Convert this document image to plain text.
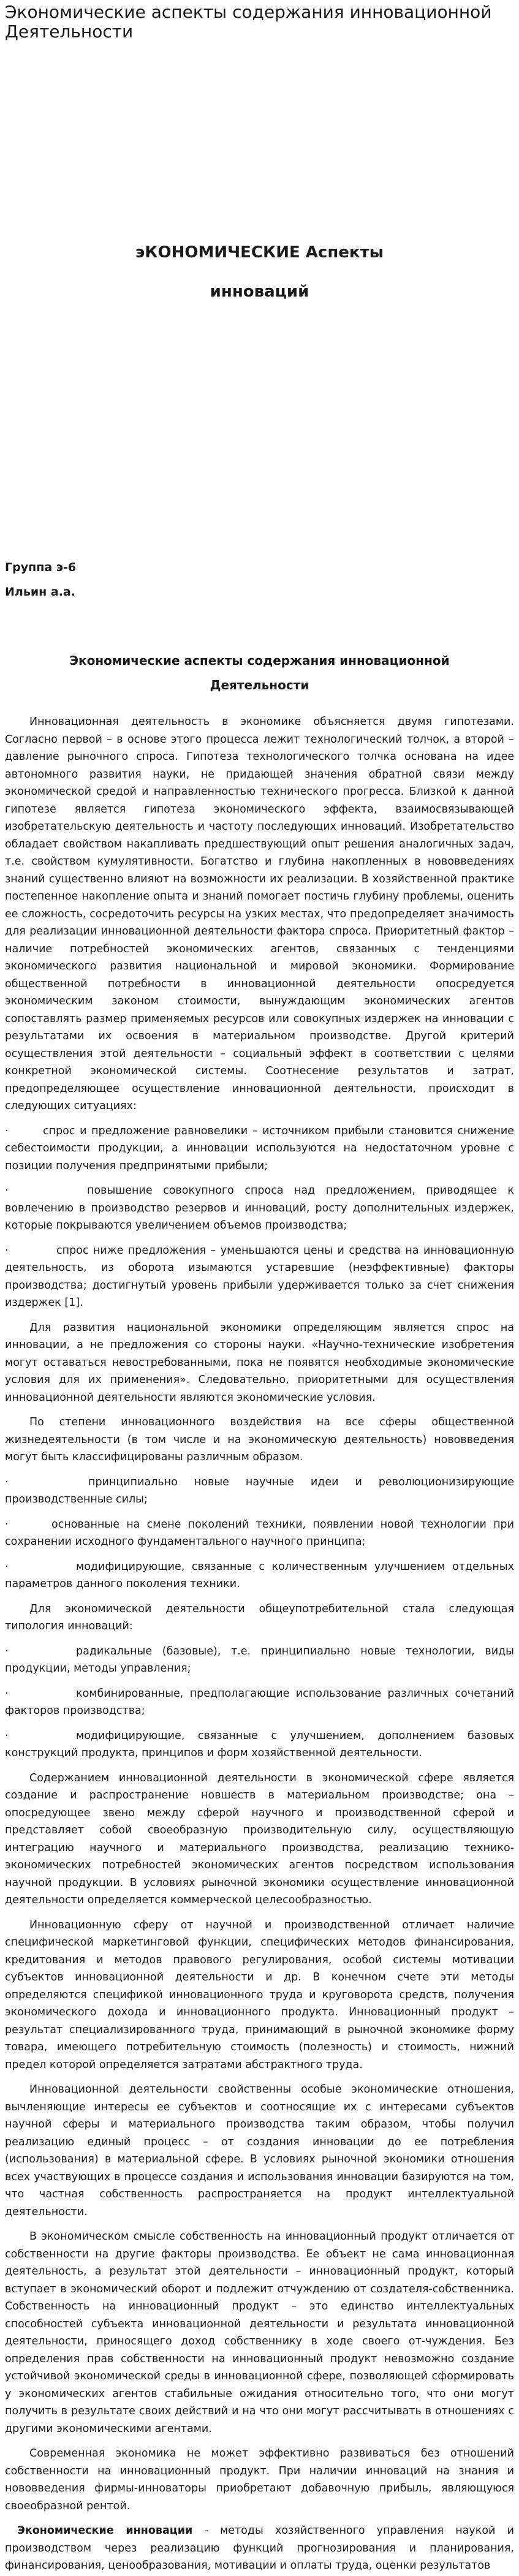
Экономические аспекты содержания инновационной Деятельности
эКОНОМИЧЕСКИЕ Аспекты
инноваций
Группа э-6
Ильин а.а.
Экономические аспекты содержания инновационной
Деятельности

Инновационная деятельность в экономике объясняется двумя гипотезами. Согласно первой – в основе этого процесса лежит технологический толчок, а второй – давление рыночного спроса. Гипотеза технологического толчка основана на идее автономного развития науки, не придающей значения обратной связи между экономической средой и направленностью технического прогресса. Близкой к данной гипотезе является гипотеза экономического эффекта, взаимосвязывающей изобретательскую деятельность и частоту последующих инноваций. Изобретательство обладает свойством накапливать предшествующий опыт решения аналогичных задач, т.е. свойством кумулятивности. Богатство и глубина накопленных в нововведениях знаний существенно влияют на возможности их реализации. В хозяйственной практике постепенное накопление опыта и знаний помогает постичь глубину проблемы, оценить ее сложность, сосредоточить ресурсы на узких местах, что предопределяет значимость для реализации инновационной деятельности фактора спроса. Приоритетный фактор – наличие потребностей экономических агентов, связанных с тенденциями экономического развития национальной и мировой экономики. Формирование общественной потребности в инновационной деятельности опосредуется экономическим законом стоимости, вынуждающим экономических агентов сопоставлять размер применяемых ресурсов или совокупных издержек на инновации с результатами их освоения в материальном производстве. Другой критерий осуществления этой деятельности – социальный эффект в соответствии с целями конкретной экономической системы. Соотнесение результатов и затрат, предопределяющее осуществление инновационной деятельности, происходит в следующих ситуациях:

·	спрос и предложение равновелики – источником прибыли становится снижение себестоимости продукции, а инновации используются на недостаточном уровне с позиции получения предпринятыми прибыли;

·	повышение совокупного спроса над предложением, приводящее к вовлечению в производство резервов и инноваций, росту дополнительных издержек, которые покрываются увеличением объемов производства;

·	спрос ниже предложения – уменьшаются цены и средства на инновационную деятельность, из оборота изымаются устаревшие (неэффективные) факторы производства; достигнутый уровень прибыли удерживается только за счет снижения издержек [1].

Для развития национальной экономики определяющим является спрос на инновации, а не предложения со стороны науки. «Научно-технические изобретения могут оставаться невостребованными, пока не появятся необходимые экономические условия для их применения». Следовательно, приоритетными для осуществления инновационной деятельности являются экономические условия.

По степени инновационного воздействия на все сферы общественной жизнедеятельности (в том числе и на экономическую деятельность) нововведения могут быть классифицированы различным образом.

·	принципиально новые научные идеи и революционизирующие производственные силы;

·	основанные на смене поколений техники, появлении новой технологии при сохранении исходного фундаментального научного принципа;

·	модифицирующие, связанные с количественным улучшением отдельных параметров данного поколения техники.

Для экономической деятельности общеупотребительной стала следующая типология инноваций:

·	радикальные (базовые), т.е. принципиально новые технологии, виды продукции, методы управления;

·	комбинированные, предполагающие использование различных сочетаний факторов производства;

·	модифицирующие, связанные с улучшением, дополнением базовых конструкций продукта, принципов и форм хозяйственной деятельности.

Содержанием инновационной деятельности в экономической сфере является создание и распространение новшеств в материальном производстве; она – опосредующее звено между сферой научного и производственной сферой и представляет собой своеобразную производительную силу, осуществляющую интеграцию научного и материального производства, реализацию технико-экономических потребностей экономических агентов посредством использования научной продукции. В условиях рыночной экономики осуществление инновационной деятельности определяется коммерческой целесообразностью.

Инновационную сферу от научной и производственной отличает наличие специфической маркетинговой функции, специфических методов финансирования, кредитования и методов правового регулирования, особой системы мотивации субъектов инновационной деятельности и др. В конечном счете эти методы определяются спецификой инновационного труда и круговорота средств, получения экономического дохода и инновационного продукта. Инновационный продукт – результат специализированного труда, принимающий в рыночной экономике форму товара, имеющего потребительную стоимость (полезность) и стоимость, нижний предел которой определяется затратами абстрактного труда.

Инновационной деятельности свойственны особые экономические отношения, вычленяющие интересы ее субъектов и соотносящие их с интересами субъектов научной сферы и материального производства таким образом, чтобы получил реализацию единый процесс – от создания инновации до ее потребления (использования) в материальной сфере. В условиях рыночной экономики отношения всех участвующих в процессе создания и использования инновации базируются на том, что частная собственность распространяется на продукт интеллектуальной деятельности.

В экономическом смысле собственность на инновационный продукт отличается от собственности на другие факторы производства. Ее объект не сама инновационная деятельность, а результат этой деятельности – инновационный продукт, который вступает в экономический оборот и подлежит отчуждению от создателя-собственника. Собственность на инновационный продукт – это единство интеллектуальных способностей субъекта инновационной деятельности и результата инновационной деятельности, приносящего доход собственнику в ходе своего от-чуждения. Без определения прав собственности на инновационный продукт невозможно создание устойчивой экономической среды в инновационной сфере, позволяющей сформировать у экономических агентов стабильные ожидания относительно того, что они могут получить в результате своих действий и на что они могут рассчитывать в отношениях с другими экономическими агентами.

Современная экономика не может эффективно развиваться без отношений собственности на инновационный продукт. При наличии инноваций на знания и нововведения фирмы-инноваторы приобретают добавочную прибыль, являющуюся своеобразной рентой.

Экономические инновации - методы хозяйственного управления наукой и производством через реализацию функций прогнозирования и планирования, финансирования, ценообразования, мотивации и оплаты труда, оценки результатов
